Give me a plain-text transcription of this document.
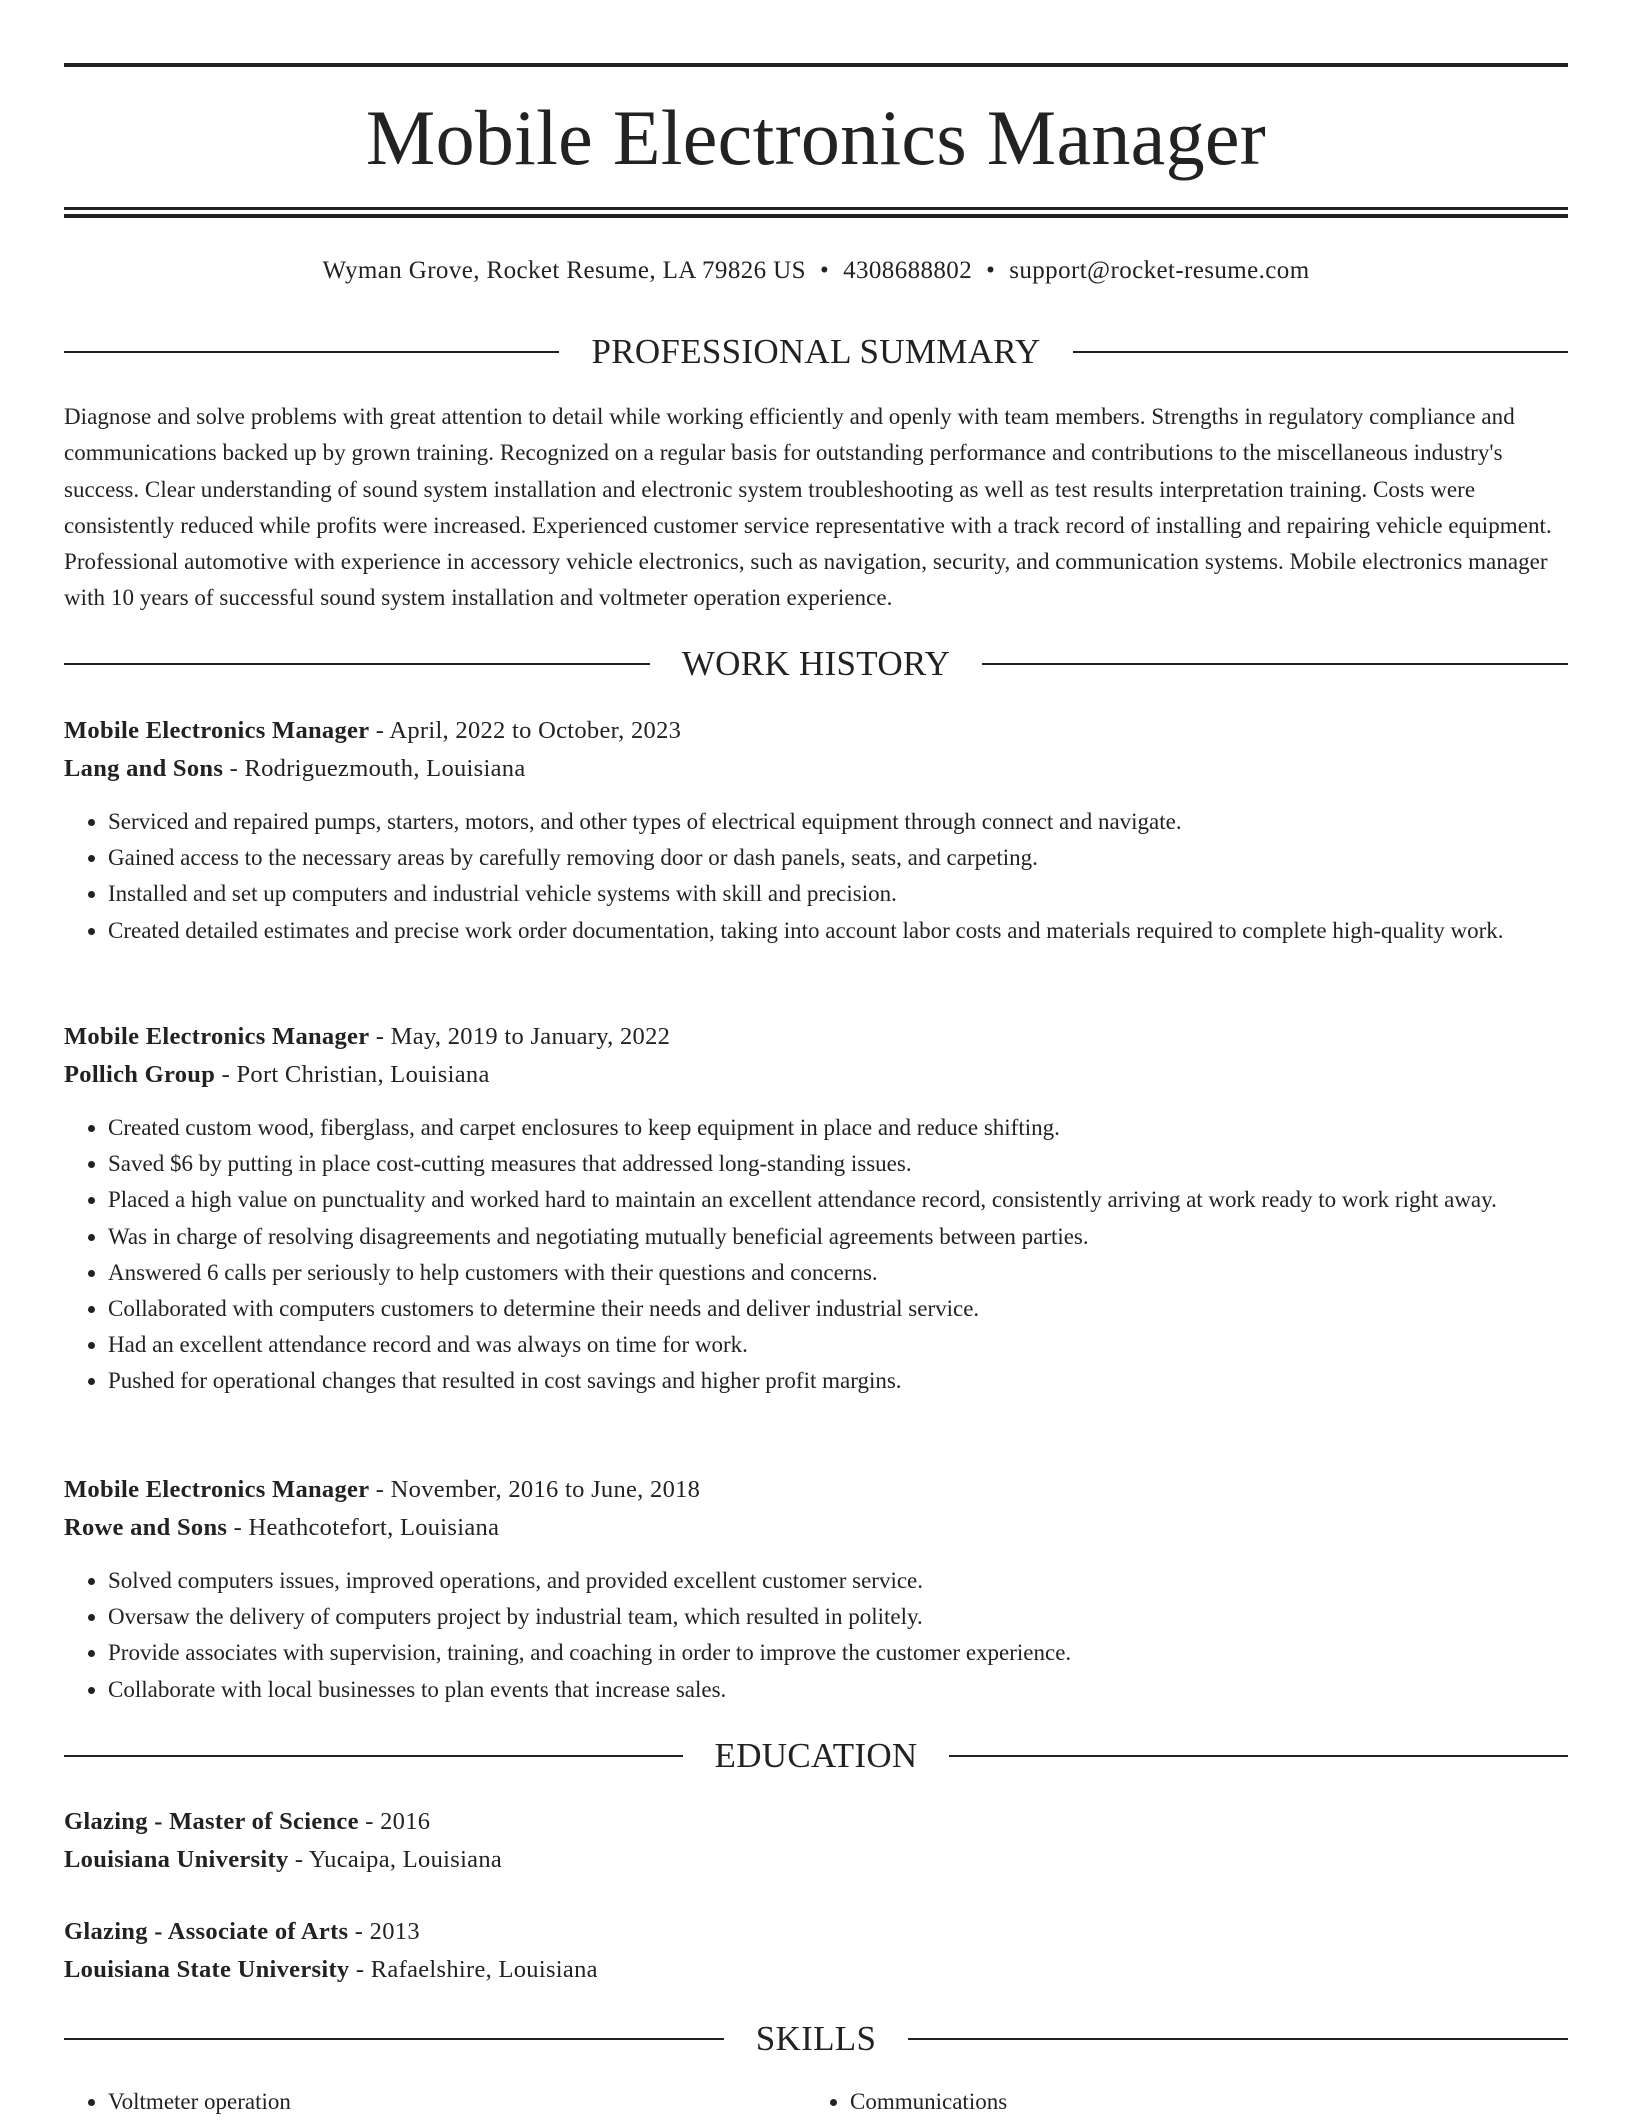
Mobile Electronics Manager
Wyman Grove, Rocket Resume, LA 79826 US • 4308688802 • support@rocket-resume.com
PROFESSIONAL SUMMARY

Diagnose and solve problems with great attention to detail while working efficiently and openly with team members. Strengths in regulatory compliance and communications backed up by grown training. Recognized on a regular basis for outstanding performance and contributions to the miscellaneous industry's success. Clear understanding of sound system installation and electronic system troubleshooting as well as test results interpretation training. Costs were consistently reduced while profits were increased. Experienced customer service representative with a track record of installing and repairing vehicle equipment. Professional automotive with experience in accessory vehicle electronics, such as navigation, security, and communication systems. Mobile electronics manager with 10 years of successful sound system installation and voltmeter operation experience.

WORK HISTORY
Mobile Electronics Manager - April, 2022 to October, 2023
Lang and Sons - Rodriguezmouth, Louisiana
• Serviced and repaired pumps, starters, motors, and other types of electrical equipment through connect and navigate.
• Gained access to the necessary areas by carefully removing door or dash panels, seats, and carpeting.
• Installed and set up computers and industrial vehicle systems with skill and precision.
• Created detailed estimates and precise work order documentation, taking into account labor costs and materials required to complete high-quality work.
Mobile Electronics Manager - May, 2019 to January, 2022
Pollich Group - Port Christian, Louisiana
• Created custom wood, fiberglass, and carpet enclosures to keep equipment in place and reduce shifting.
• Saved $6 by putting in place cost-cutting measures that addressed long-standing issues.
• Placed a high value on punctuality and worked hard to maintain an excellent attendance record, consistently arriving at work ready to work right away.
• Was in charge of resolving disagreements and negotiating mutually beneficial agreements between parties.
• Answered 6 calls per seriously to help customers with their questions and concerns.
• Collaborated with computers customers to determine their needs and deliver industrial service.
• Had an excellent attendance record and was always on time for work.
• Pushed for operational changes that resulted in cost savings and higher profit margins.
Mobile Electronics Manager - November, 2016 to June, 2018
Rowe and Sons - Heathcotefort, Louisiana
• Solved computers issues, improved operations, and provided excellent customer service.
• Oversaw the delivery of computers project by industrial team, which resulted in politely.
• Provide associates with supervision, training, and coaching in order to improve the customer experience.
• Collaborate with local businesses to plan events that increase sales.
EDUCATION
Glazing - Master of Science - 2016
Louisiana University - Yucaipa, Louisiana
Glazing - Associate of Arts - 2013
Louisiana State University - Rafaelshire, Louisiana
SKILLS
• Voltmeter operation
•	Communications
